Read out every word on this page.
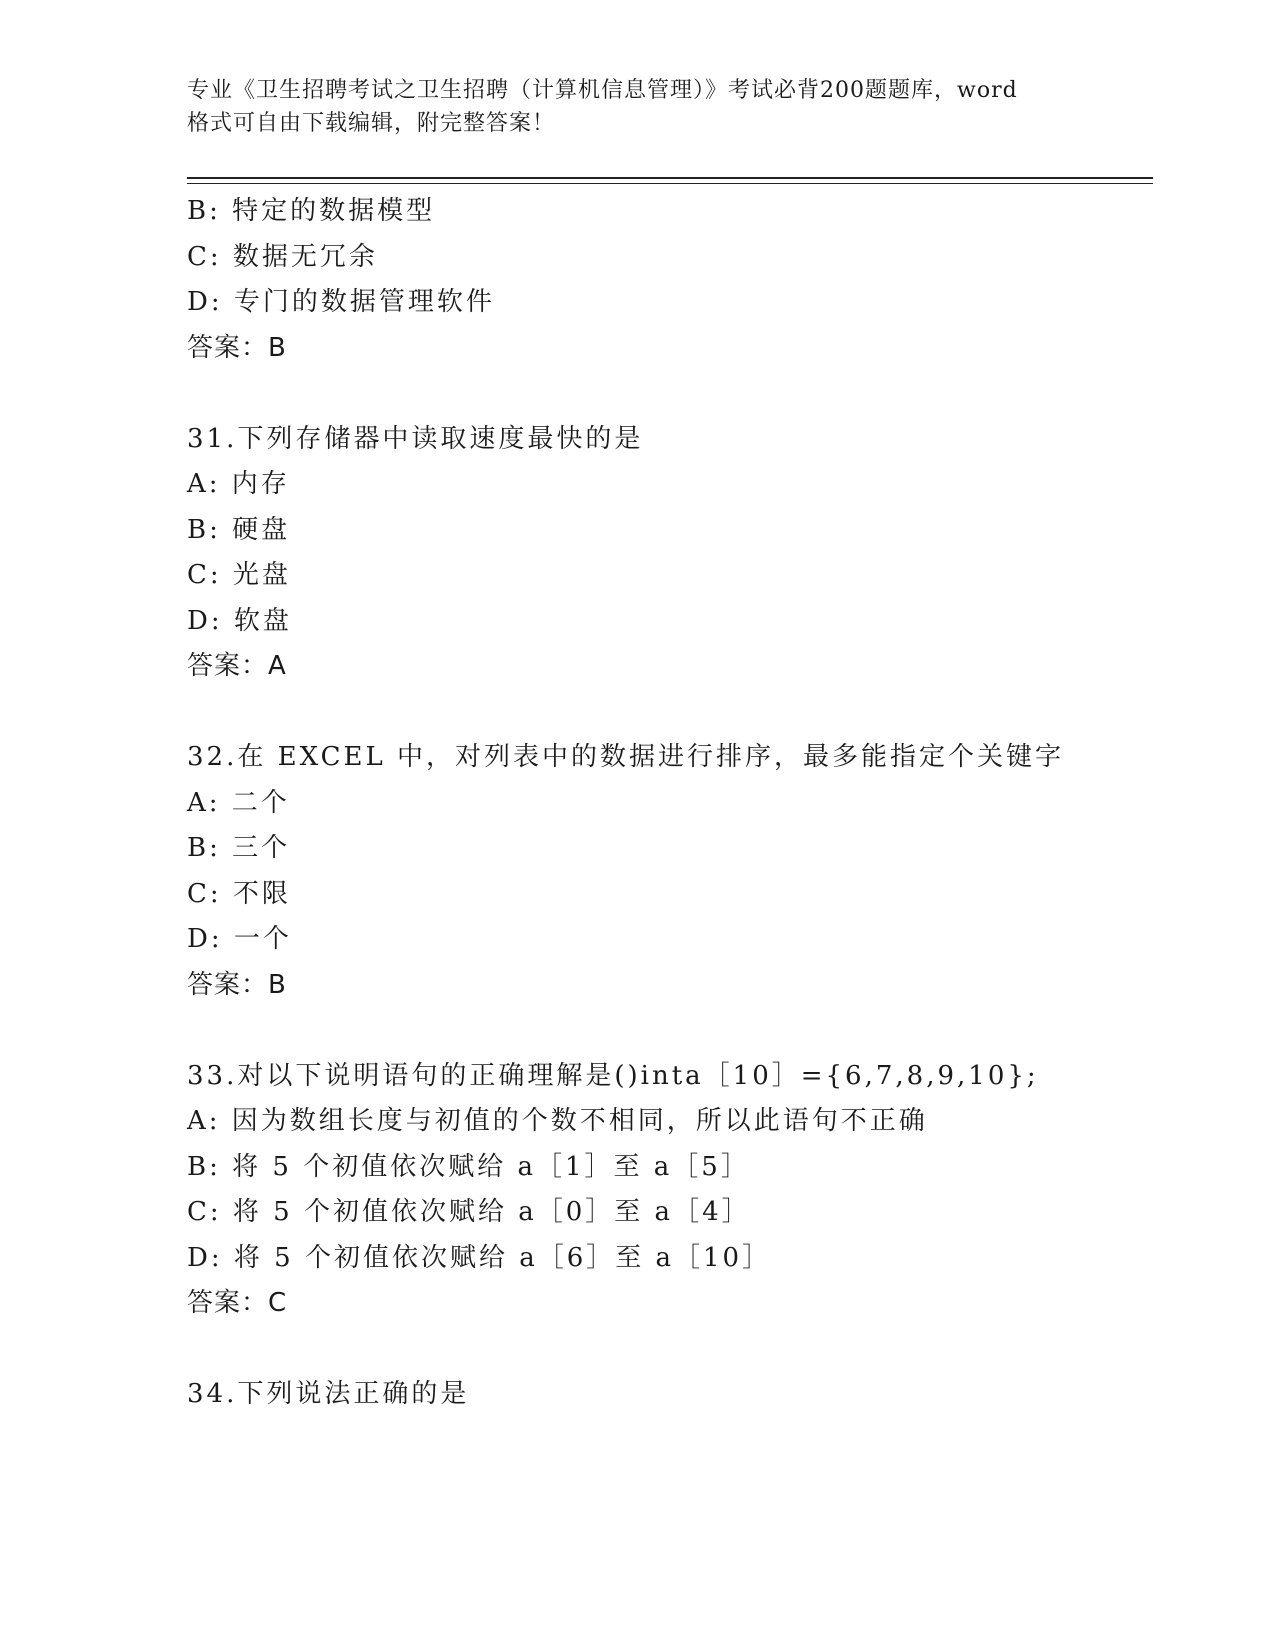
专业《卫生招聘考试之卫生招聘（计算机信息管理）》考试必背200题题库，word
格式可自由下载编辑，附完整答案！
B: 特定的数据模型
C: 数据无冗余
D: 专门的数据管理软件
答案：B
31.下列存储器中读取速度最快的是
A: 内存
B: 硬盘
C: 光盘
D: 软盘
答案：A
32.在 EXCEL 中，对列表中的数据进行排序，最多能指定个关键字
A: 二个
B: 三个
C: 不限
D: 一个
答案：B
33.对以下说明语句的正确理解是()inta［10］={6,7,8,9,10};
A: 因为数组长度与初值的个数不相同，所以此语句不正确
B: 将 5 个初值依次赋给 a［1］至 a［5］
C: 将 5 个初值依次赋给 a［0］至 a［4］
D: 将 5 个初值依次赋给 a［6］至 a［10］
答案：C
34.下列说法正确的是
